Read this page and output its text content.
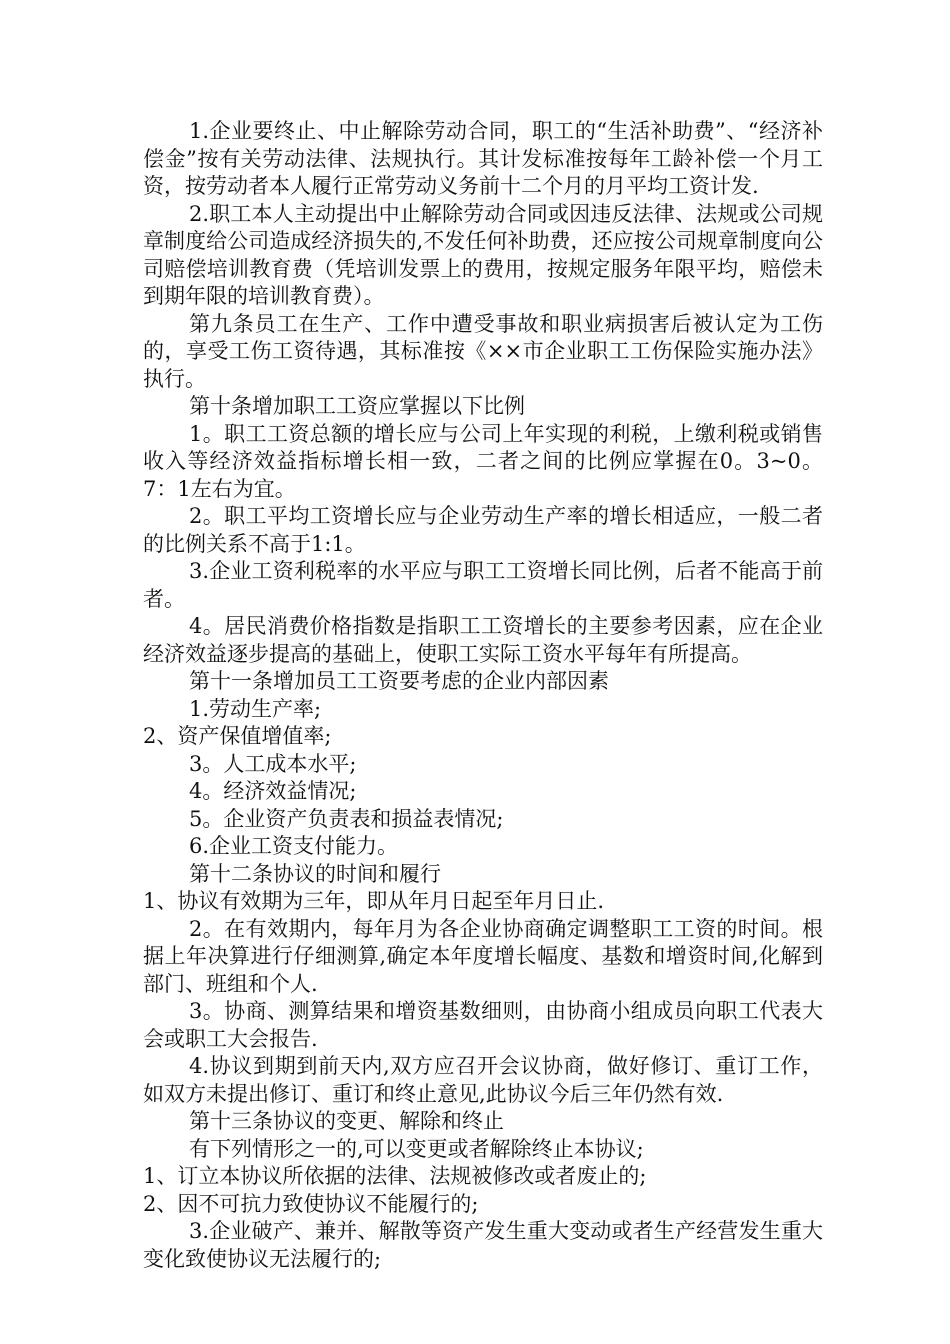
1.企业要终止、中止解除劳动合同，职工的“生活补助费”、“经济补偿金”按有关劳动法律、法规执行。其计发标准按每年工龄补偿一个月工资，按劳动者本人履行正常劳动义务前十二个月的月平均工资计发.

2.职工本人主动提出中止解除劳动合同或因违反法律、法规或公司规章制度给公司造成经济损失的,不发任何补助费，还应按公司规章制度向公司赔偿培训教育费（凭培训发票上的费用，按规定服务年限平均，赔偿未到期年限的培训教育费）。

第九条员工在生产、工作中遭受事故和职业病损害后被认定为工伤的，享受工伤工资待遇，其标准按《××市企业职工工伤保险实施办法》执行。

第十条增加职工工资应掌握以下比例

1。职工工资总额的增长应与公司上年实现的利税，上缴利税或销售收入等经济效益指标增长相一致，二者之间的比例应掌握在0。3~0。7：1左右为宜。

2。职工平均工资增长应与企业劳动生产率的增长相适应，一般二者的比例关系不高于1:1。

3.企业工资利税率的水平应与职工工资增长同比例，后者不能高于前者。

4。居民消费价格指数是指职工工资增长的主要参考因素，应在企业经济效益逐步提高的基础上，使职工实际工资水平每年有所提高。

第十一条增加员工工资要考虑的企业内部因素

1.劳动生产率;

2、资产保值增值率;

3。人工成本水平;

4。经济效益情况;

5。企业资产负责表和损益表情况;

6.企业工资支付能力。

第十二条协议的时间和履行

1、协议有效期为三年，即从年月日起至年月日止.

2。在有效期内，每年月为各企业协商确定调整职工工资的时间。根据上年决算进行仔细测算,确定本年度增长幅度、基数和增资时间,化解到部门、班组和个人.

3。协商、测算结果和增资基数细则，由协商小组成员向职工代表大会或职工大会报告.

4.协议到期到前天内,双方应召开会议协商，做好修订、重订工作，如双方未提出修订、重订和终止意见,此协议今后三年仍然有效.

第十三条协议的变更、解除和终止

有下列情形之一的,可以变更或者解除终止本协议;

1、订立本协议所依据的法律、法规被修改或者废止的;

2、因不可抗力致使协议不能履行的;

3.企业破产、兼并、解散等资产发生重大变动或者生产经营发生重大变化致使协议无法履行的;
